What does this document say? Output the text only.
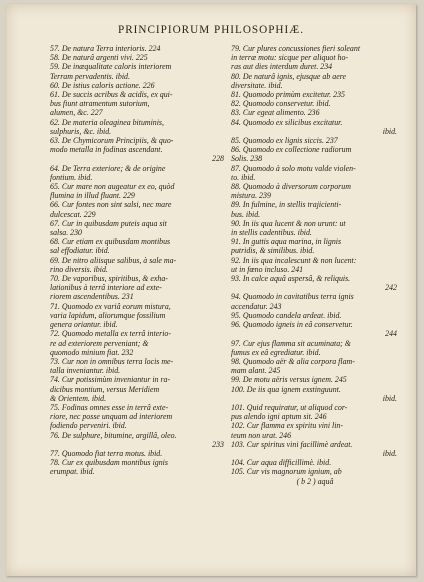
PRINCIPIORUM PHILOSOPHIÆ.
57. De natura Terra interioris. 224
58. De naturâ argenti vivi. 225
59. De inæqualitate caloris interiorem
Terram pervadentis. ibid.
60. De istius caloris actione. 226
61. De succis acribus & acidis, ex qui-
bus fiunt atramentum sutorium,
alumen, &c. 227
62. De materia oleaginea bituminis,
sulphuris, &c. ibid.
63. De Chymicorum Principiis, & quo-
modo metalla in fodinas ascendant.
228
64. De Terra exteriore; & de origine
fontium. ibid.
65. Cur mare non augeatur ex eo, quòd
flumina in illud fluant. 229
66. Cur fontes non sint salsi, nec mare
dulcescat. 229
67. Cur in quibusdam puteis aqua sit
salsa. 230
68. Cur etiam ex quibusdam montibus
sal effodiatur. ibid.
69. De nitro aliisque salibus, à sale ma-
rino diversis. ibid.
70. De vaporibus, spiritibus, & exha-
lationibus à terrâ interiore ad exte-
riorem ascendentibus. 231
71. Quomodo ex variâ eorum mistura,
varia lapidum, aliorumque fossilium
genera oriantur. ibid.
72. Quomodo metalla ex terrâ interio-
re ad exteriorem perveniant; &
quomodo minium fiat. 232
73. Cur non in omnibus terra locis me-
talla inveniantur. ibid.
74. Cur potissimùm inveniantur in ra-
dicibus montium, versus Meridiem
& Orientem. ibid.
75. Fodinas omnes esse in terrâ exte-
riore, nec posse unquam ad interiorem
fodiendo perveniri. ibid.
76. De sulphure, bitumine, argillâ, oleo.
233
77. Quomodo fiat terra motus. ibid.
78. Cur ex quibusdam montibus ignis
erumpat. ibid.
79. Cur plures concussiones fieri soleant
in terræ motu: sicque per aliquot ho-
ras aut dies interdum duret. 234
80. De naturâ ignis, ejusque ab aere
diversitate. ibid.
81. Quomodo primùm excitetur. 235
82. Quomodo conservetur. ibid.
83. Cur egeat alimento. 236
84. Quomodo ex silicibus excitatur.
ibid.
85. Quomodo ex lignis siccis. 237
86. Quomodo ex collectione radiorum
Solis. 238
87. Quomodo à solo motu valde violen-
to. ibid.
88. Quomodo à diversorum corporum
mistura. 239
89. In fulmine, in stellis trajicienti-
bus. ibid.
90. In iis qua lucent & non urunt: ut
in stellis cadentibus. ibid.
91. In guttis aqua marina, in lignis
putridis, & similibus. ibid.
92. In iis qua incalescunt & non lucent:
ut in fœno incluso. 241
93. In calce aquâ aspersâ, & reliquis.
242
94. Quomodo in cavitatibus terra ignis
accendatur. 243
95. Quomodo candela ardeat. ibid.
96. Quomodo igneis in eâ conservetur.
244
97. Cur ejus flamma sit acuminata; &
fumus ex eâ egrediatur. ibid.
98. Quomodo aër & alia corpora flam-
mam alant. 245
99. De motu aëris versus ignem. 245
100. De iis qua ignem exstinguunt.
ibid.
101. Quid requiratur, ut aliquod cor-
pus alendo igni aptum sit. 246
102. Cur flamma ex spiritu vini lin-
teum non urat. 246
103. Cur spiritus vini facillimè ardeat.
ibid.
104. Cur aqua difficillimè. ibid.
105. Cur vis magnorum ignium, ab
( b 2 ) aquâ
